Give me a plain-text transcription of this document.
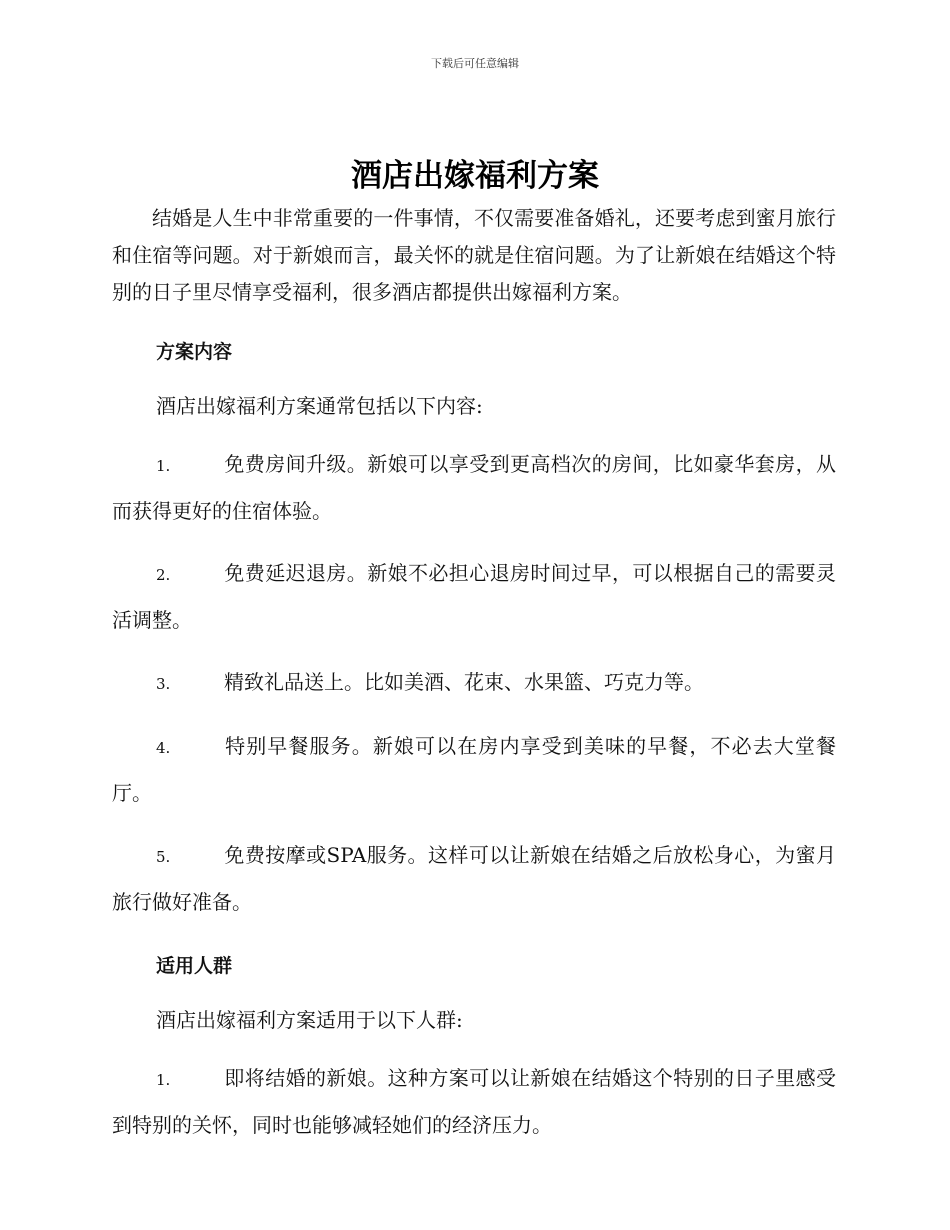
下载后可任意编辑
酒店出嫁福利方案

结婚是人生中非常重要的一件事情，不仅需要准备婚礼，还要考虑到蜜月旅行和住宿等问题。对于新娘而言，最关怀的就是住宿问题。为了让新娘在结婚这个特别的日子里尽情享受福利，很多酒店都提供出嫁福利方案。

方案内容

酒店出嫁福利方案通常包括以下内容:

1.	免费房间升级。新娘可以享受到更高档次的房间，比如豪华套房，从而获得更好的住宿体验。

2.	免费延迟退房。新娘不必担心退房时间过早，可以根据自己的需要灵活调整。

3.	精致礼品送上。比如美酒、花束、水果篮、巧克力等。

4.	特别早餐服务。新娘可以在房内享受到美味的早餐，不必去大堂餐厅。

5.	免费按摩或SPA服务。这样可以让新娘在结婚之后放松身心，为蜜月旅行做好准备。

适用人群

酒店出嫁福利方案适用于以下人群:

1.	即将结婚的新娘。这种方案可以让新娘在结婚这个特别的日子里感受到特别的关怀，同时也能够减轻她们的经济压力。
